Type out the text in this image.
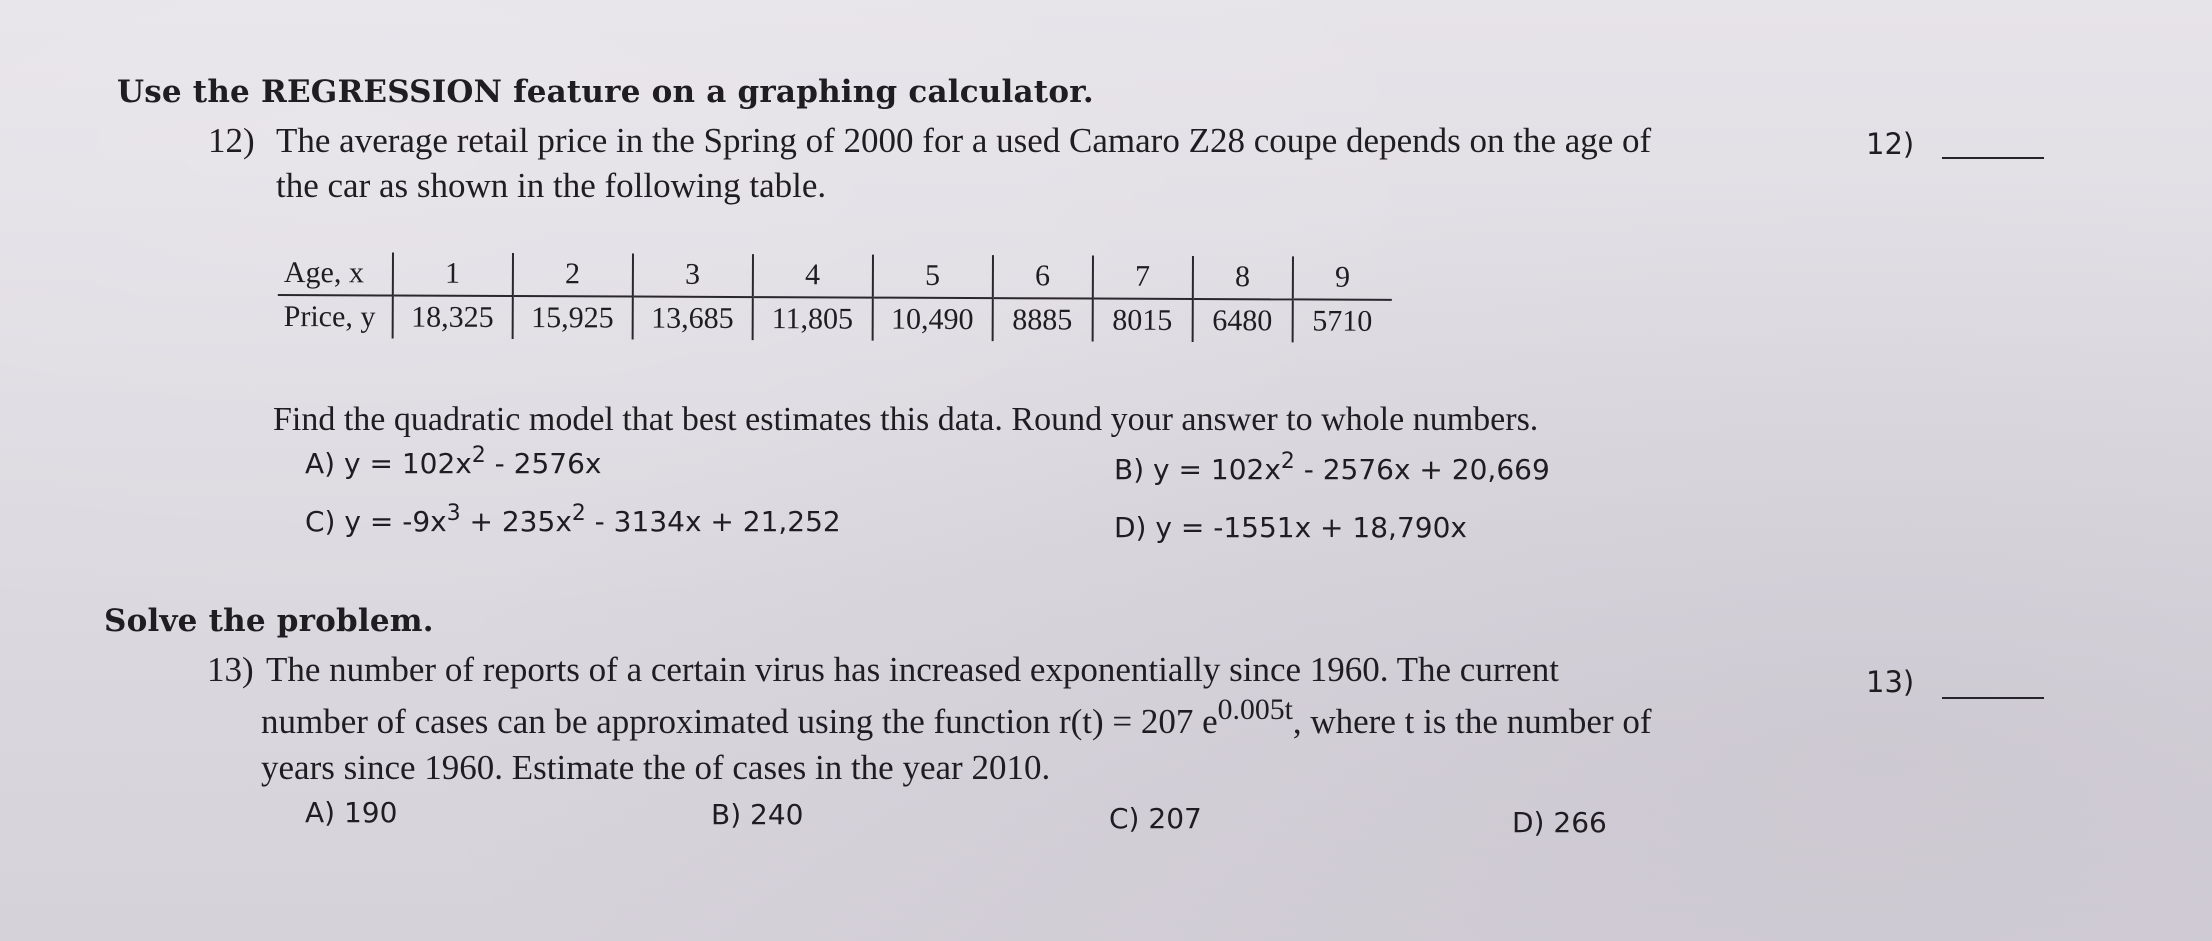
Use the REGRESSION feature on a graphing calculator.
12) The average retail price in the Spring of 2000 for a used Camaro Z28 coupe depends on the age of
the car as shown in the following table.
12)
Age, x	1	2	3	4	5	6	7	8	9
Price, y	18,325	15,925	13,685	11,805	10,490	8885	8015	6480	5710
Find the quadratic model that best estimates this data. Round your answer to whole numbers.
A) $y = 102x^2 - 2576x$	B) $y = 102x^2 - 2576x + 20,669$
C) $y = -9x^3 + 235x^2 - 3134x + 21,252$	D) y = -1551x + 18,790x
Solve the problem.
13) The number of reports of a certain virus has increased exponentially since 1960. The current
number of cases can be approximated using the function r(t) = 207 $e^{0.005t}$, where t is the number of
years since 1960. Estimate the of cases in the year 2010.
13)
A) 190	B) 240	C) 207	D) 266
